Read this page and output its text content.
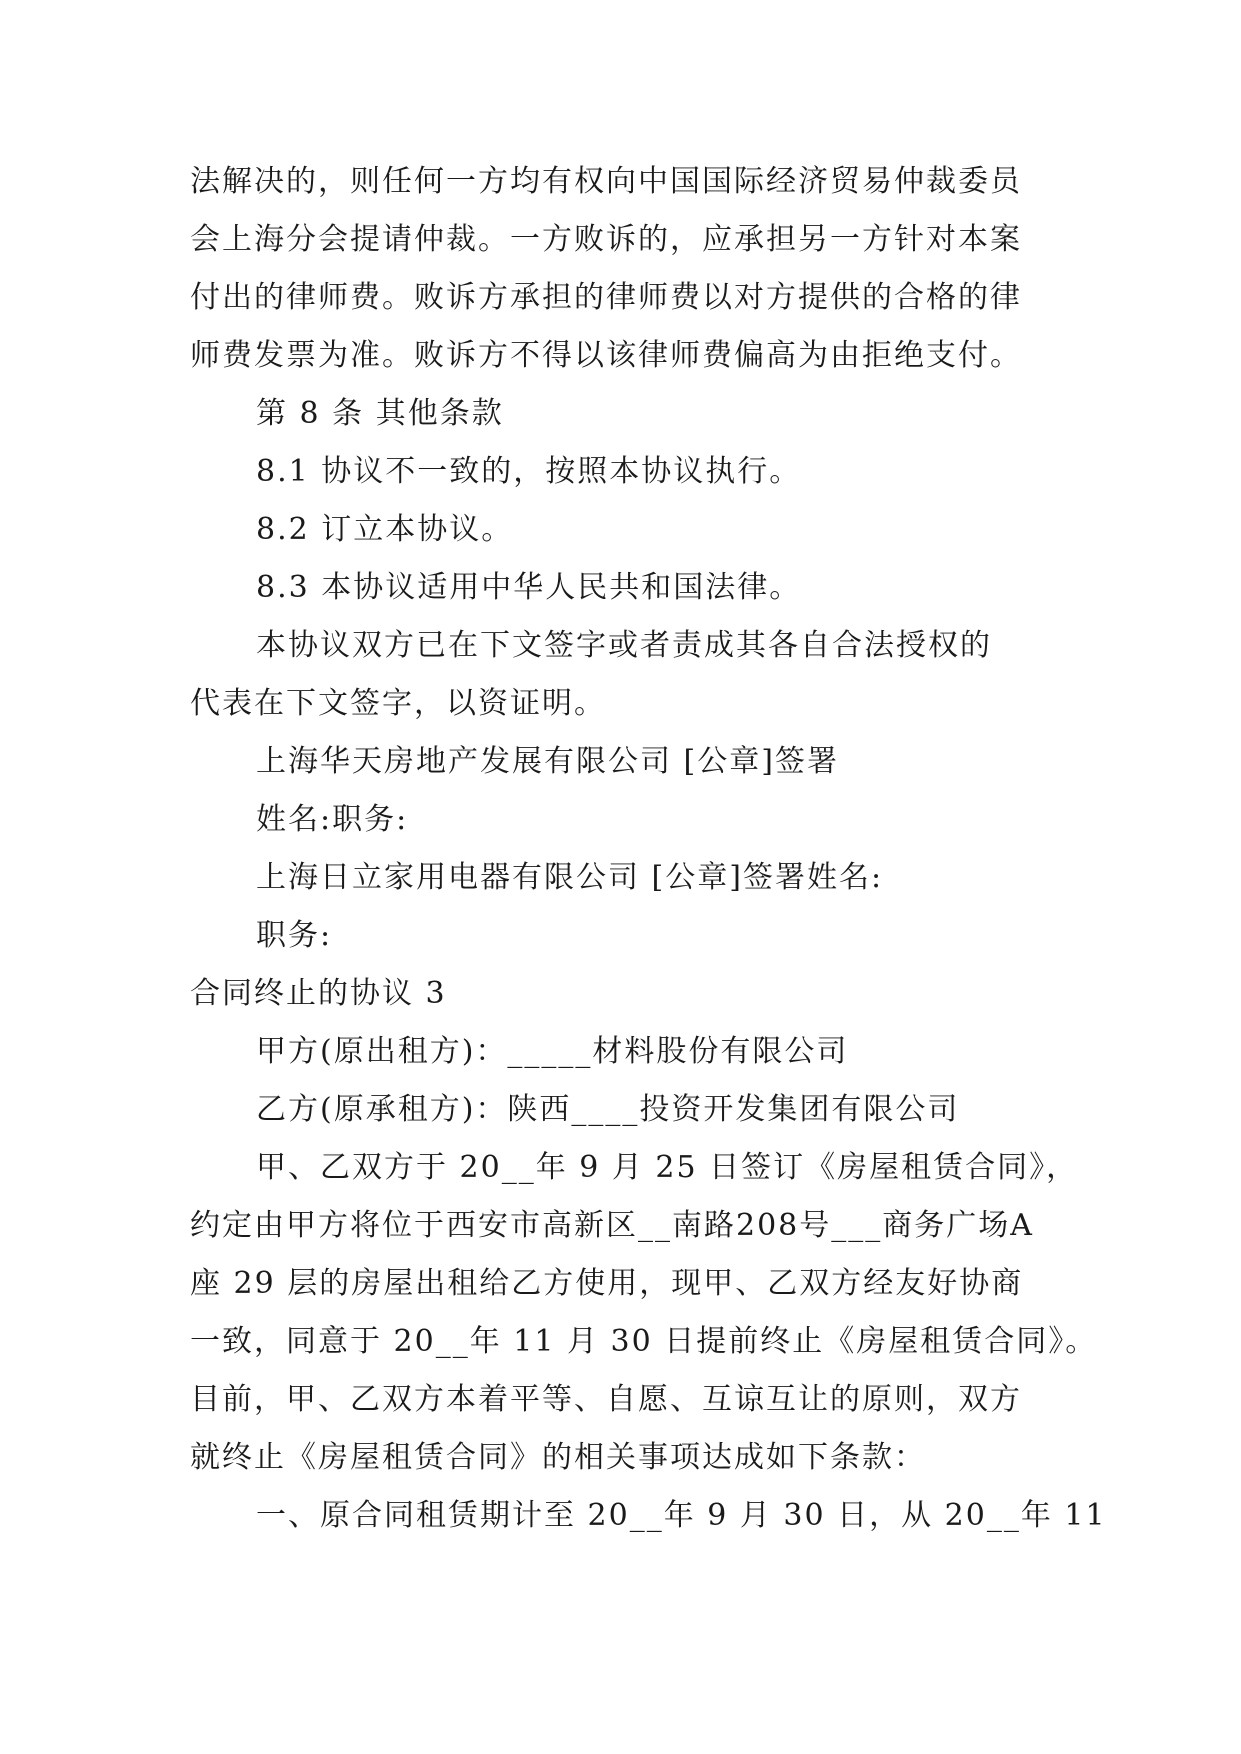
法解决的，则任何一方均有权向中国国际经济贸易仲裁委员
会上海分会提请仲裁。一方败诉的，应承担另一方针对本案
付出的律师费。败诉方承担的律师费以对方提供的合格的律
师费发票为准。败诉方不得以该律师费偏高为由拒绝支付。
第 8 条 其他条款
8.1 协议不一致的，按照本协议执行。
8.2 订立本协议。
8.3 本协议适用中华人民共和国法律。
本协议双方已在下文签字或者责成其各自合法授权的
代表在下文签字，以资证明。
上海华天房地产发展有限公司 [公章]签署
姓名:职务:
上海日立家用电器有限公司 [公章]签署姓名:
职务:
合同终止的协议 3
甲方(原出租方)：_____材料股份有限公司
乙方(原承租方)：陕西____投资开发集团有限公司
甲、乙双方于 20__年 9 月 25 日签订《房屋租赁合同》，
约定由甲方将位于西安市高新区__南路208号___商务广场A
座 29 层的房屋出租给乙方使用，现甲、乙双方经友好协商
一致，同意于 20__年 11 月 30 日提前终止《房屋租赁合同》。
目前，甲、乙双方本着平等、自愿、互谅互让的原则，双方
就终止《房屋租赁合同》的相关事项达成如下条款：
一、原合同租赁期计至 20__年 9 月 30 日，从 20__年 11
